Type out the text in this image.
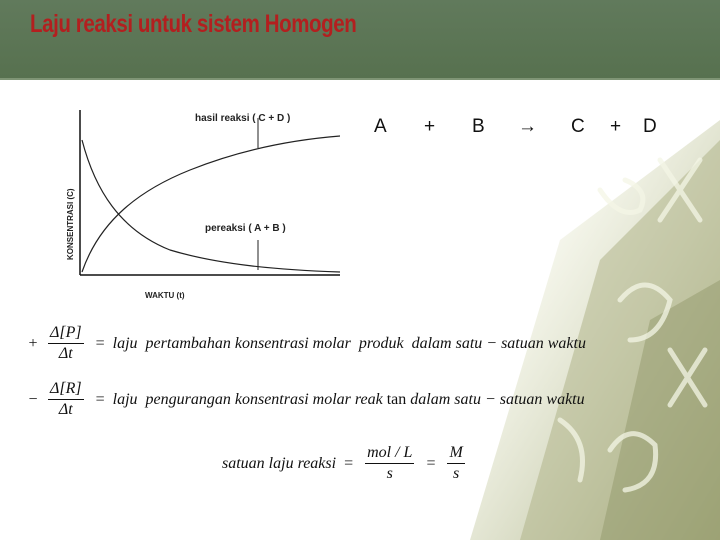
Laju reaksi untuk sistem Homogen
hasil reaksi ( C + D )
pereaksi ( A + B )
KONSENTRASI (C)
WAKTU (t)
A + B → C + D
+ $\frac{\Delta[P]}{\Delta t}$ = laju  pertambahan konsentrasi molar  produk  dalam satu − satuan waktu
− $\frac{\Delta[R]}{\Delta t}$ = laju  pengurangan konsentrasi molar reak tan dalam satu − satuan waktu
satuan laju reaksi = $\frac{\text{mol / L}}{s} = \frac{M}{s}$
